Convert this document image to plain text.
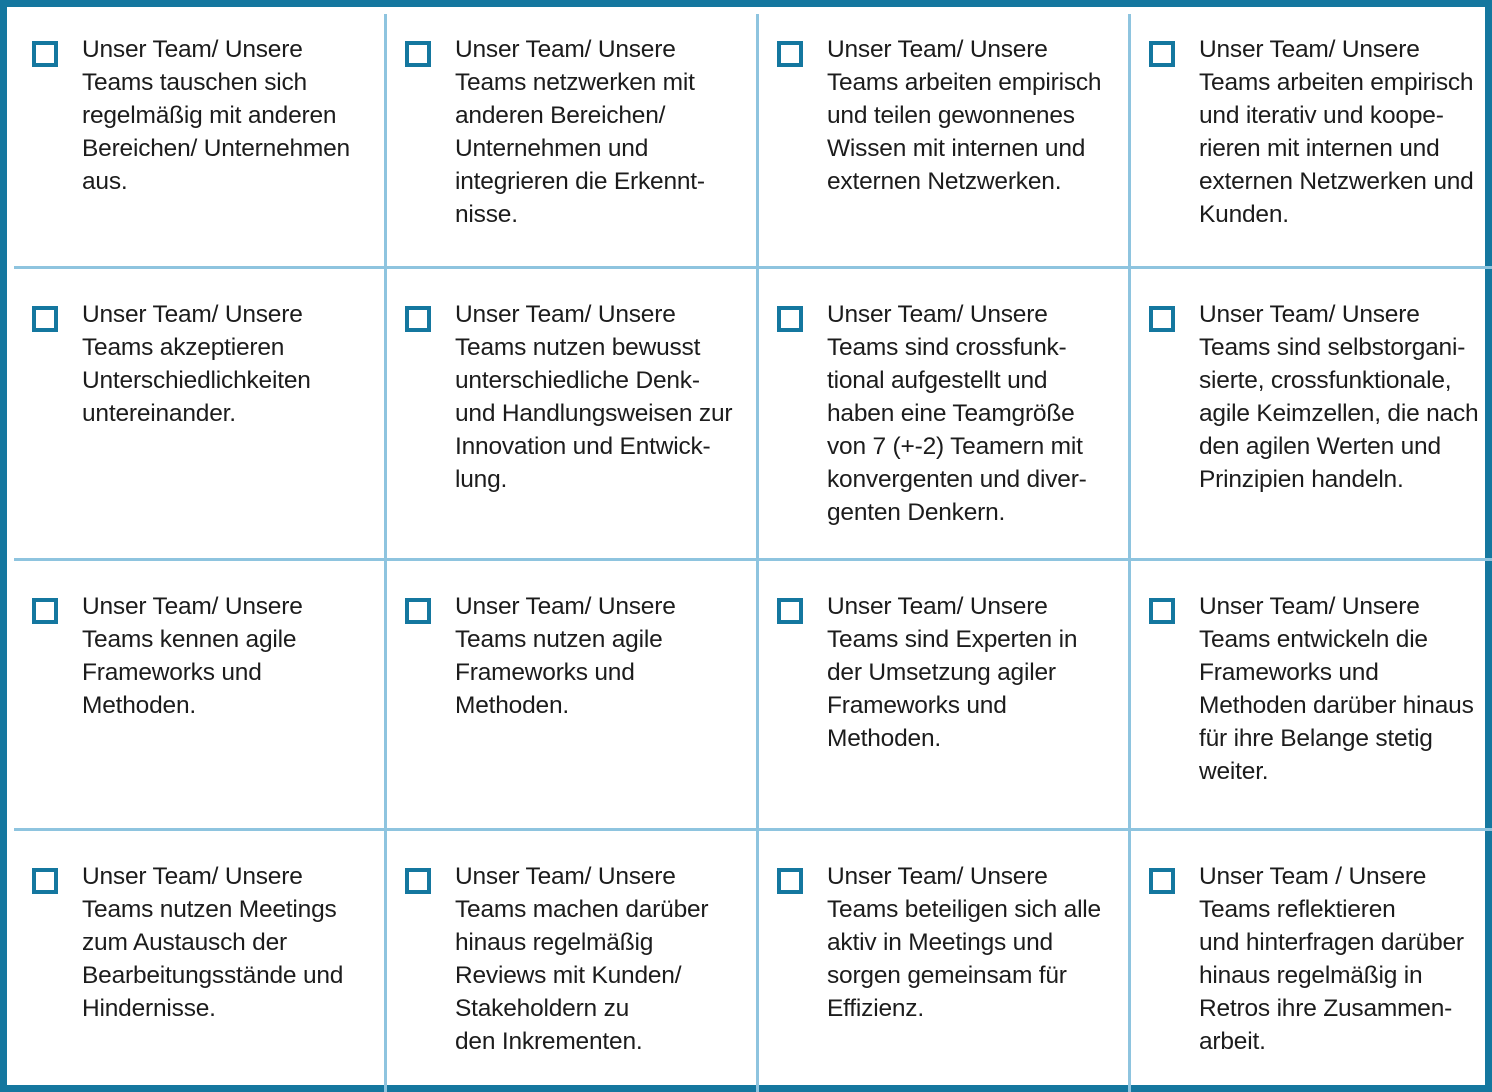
Unser Team/ Unsere
Teams tauschen sich
regelmäßig mit anderen
Bereichen/ Unternehmen
aus.

Unser Team/ Unsere
Teams netzwerken mit
anderen Bereichen/
Unternehmen und
integrieren die Erkennt-
nisse.

Unser Team/ Unsere
Teams arbeiten empirisch
und teilen gewonnenes
Wissen mit internen und
externen Netzwerken.

Unser Team/ Unsere
Teams arbeiten empirisch
und iterativ und koope-
rieren mit internen und
externen Netzwerken und
Kunden.

Unser Team/ Unsere
Teams akzeptieren
Unterschiedlichkeiten
untereinander.

Unser Team/ Unsere
Teams nutzen bewusst
unterschiedliche Denk-
und Handlungsweisen zur
Innovation und Entwick-
lung.

Unser Team/ Unsere
Teams sind crossfunk-
tional aufgestellt und
haben eine Teamgröße
von 7 (+-2) Teamern mit
konvergenten und diver-
genten Denkern.

Unser Team/ Unsere
Teams sind selbstorgani-
sierte, crossfunktionale,
agile Keimzellen, die nach
den agilen Werten und
Prinzipien handeln.

Unser Team/ Unsere
Teams kennen agile
Frameworks und
Methoden.

Unser Team/ Unsere
Teams nutzen agile
Frameworks und
Methoden.

Unser Team/ Unsere
Teams sind Experten in
der Umsetzung agiler
Frameworks und
Methoden.

Unser Team/ Unsere
Teams entwickeln die
Frameworks und
Methoden darüber hinaus
für ihre Belange stetig
weiter.

Unser Team/ Unsere
Teams nutzen Meetings
zum Austausch der
Bearbeitungsstände und
Hindernisse.

Unser Team/ Unsere
Teams machen darüber
hinaus regelmäßig
Reviews mit Kunden/
Stakeholdern zu
den Inkrementen.

Unser Team/ Unsere
Teams beteiligen sich alle
aktiv in Meetings und
sorgen gemeinsam für
Effizienz.

Unser Team / Unsere
Teams reflektieren
und hinterfragen darüber
hinaus regelmäßig in
Retros ihre Zusammen-
arbeit.
